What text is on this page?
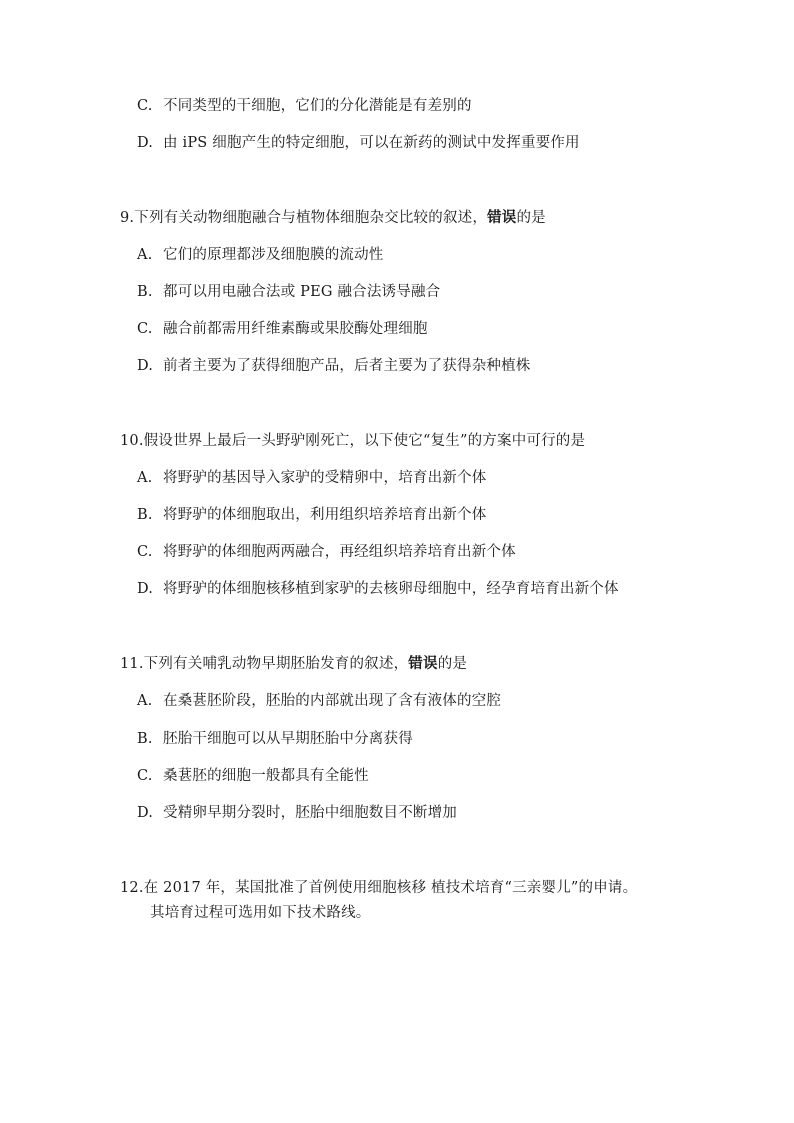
C. 不同类型的干细胞，它们的分化潜能是有差别的
D. 由 iPS 细胞产生的特定细胞，可以在新药的测试中发挥重要作用
9.下列有关动物细胞融合与植物体细胞杂交比较的叙述，错误的是
A. 它们的原理都涉及细胞膜的流动性
B. 都可以用电融合法或 PEG 融合法诱导融合
C. 融合前都需用纤维素酶或果胶酶处理细胞
D. 前者主要为了获得细胞产品，后者主要为了获得杂种植株
10.假设世界上最后一头野驴刚死亡，以下使它“复生”的方案中可行的是
A. 将野驴的基因导入家驴的受精卵中，培育出新个体
B. 将野驴的体细胞取出，利用组织培养培育出新个体
C. 将野驴的体细胞两两融合，再经组织培养培育出新个体
D. 将野驴的体细胞核移植到家驴的去核卵母细胞中，经孕育培育出新个体
11.下列有关哺乳动物早期胚胎发育的叙述，错误的是
A. 在桑葚胚阶段，胚胎的内部就出现了含有液体的空腔
B. 胚胎干细胞可以从早期胚胎中分离获得
C. 桑葚胚的细胞一般都具有全能性
D. 受精卵早期分裂时，胚胎中细胞数目不断增加
12.在 2017 年，某国批准了首例使用细胞核移 植技术培育“三亲婴儿”的申请。
其培育过程可选用如下技术路线。
